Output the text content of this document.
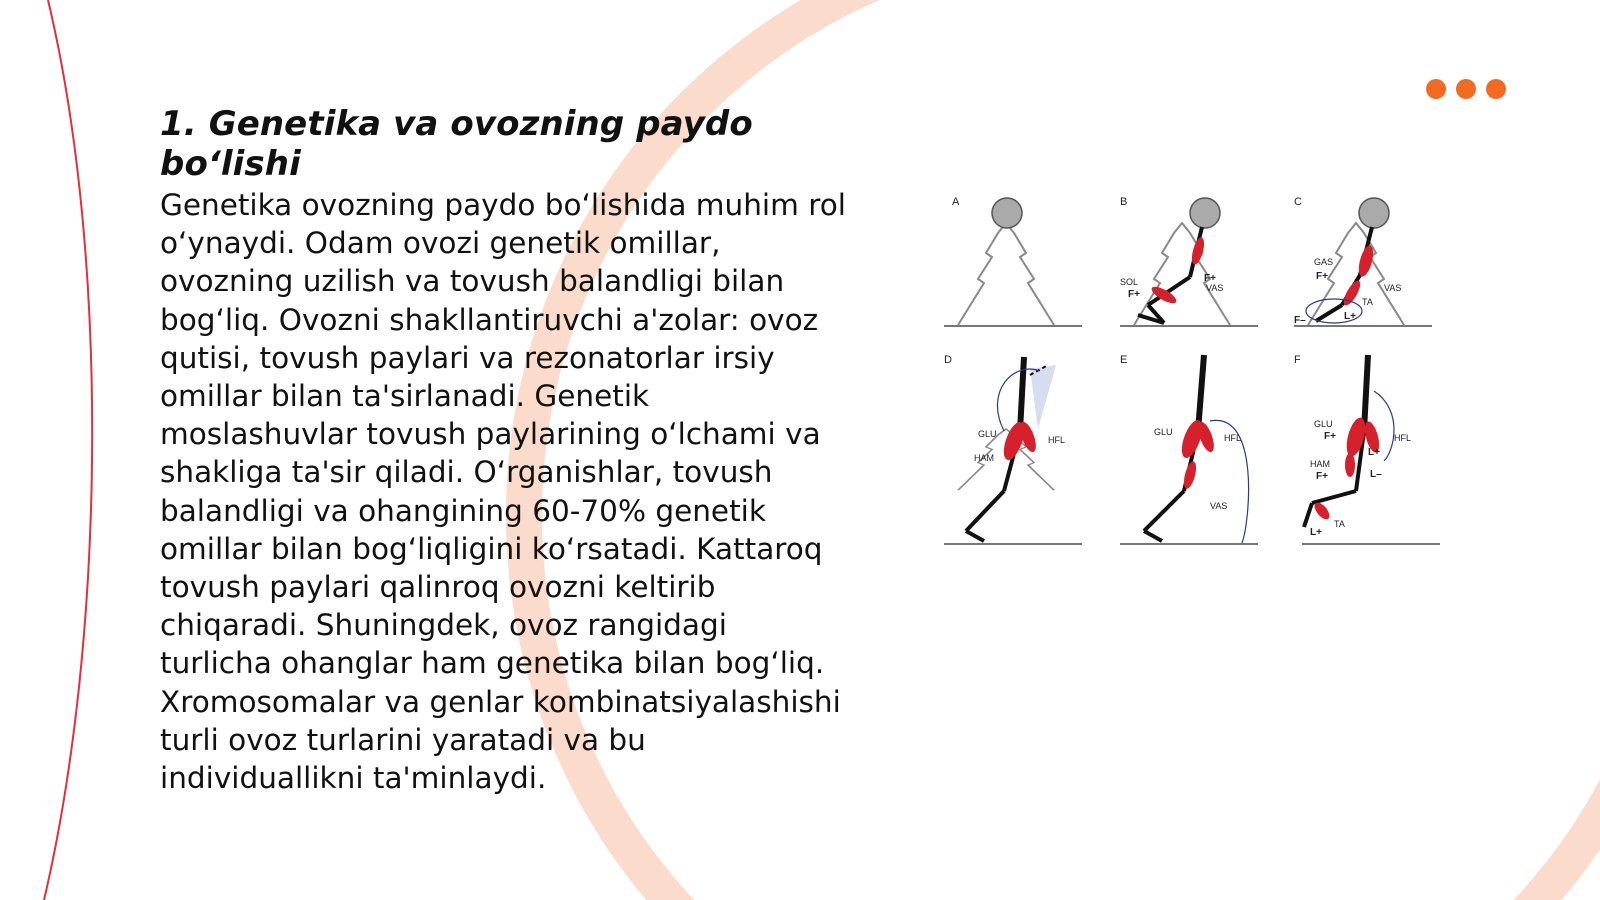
1. Genetika va ovozning paydo bo‘lishi

Genetika ovozning paydo bo‘lishida muhim rol o‘ynaydi. Odam ovozi genetik omillar, ovozning uzilish va tovush balandligi bilan bog‘liq. Ovozni shakllantiruvchi a'zolar: ovoz qutisi, tovush paylari va rezonatorlar irsiy omillar bilan ta'sirlanadi. Genetik moslashuvlar tovush paylarining o‘lchami va shakliga ta'sir qiladi. O‘rganishlar, tovush balandligi va ohangining 60-70% genetik omillar bilan bog‘liqligini ko‘rsatadi. Kattaroq tovush paylari qalinroq ovozni keltirib chiqaradi. Shuningdek, ovoz rangidagi turlicha ohanglar ham genetika bilan bog‘liq. Xromosomalar va genlar kombinatsiyalashishi turli ovoz turlarini yaratadi va bu individuallikni ta'minlaydi.

A	B
SOL
F+
F+
VAS
C
GAS
F+
VAS
TA
L+
F–
D
GLU
HFL
HAM
E
GLU
HFL
VAS
F
GLU
F+	HFL
HAM
F+
L+
L–
TA
L+
